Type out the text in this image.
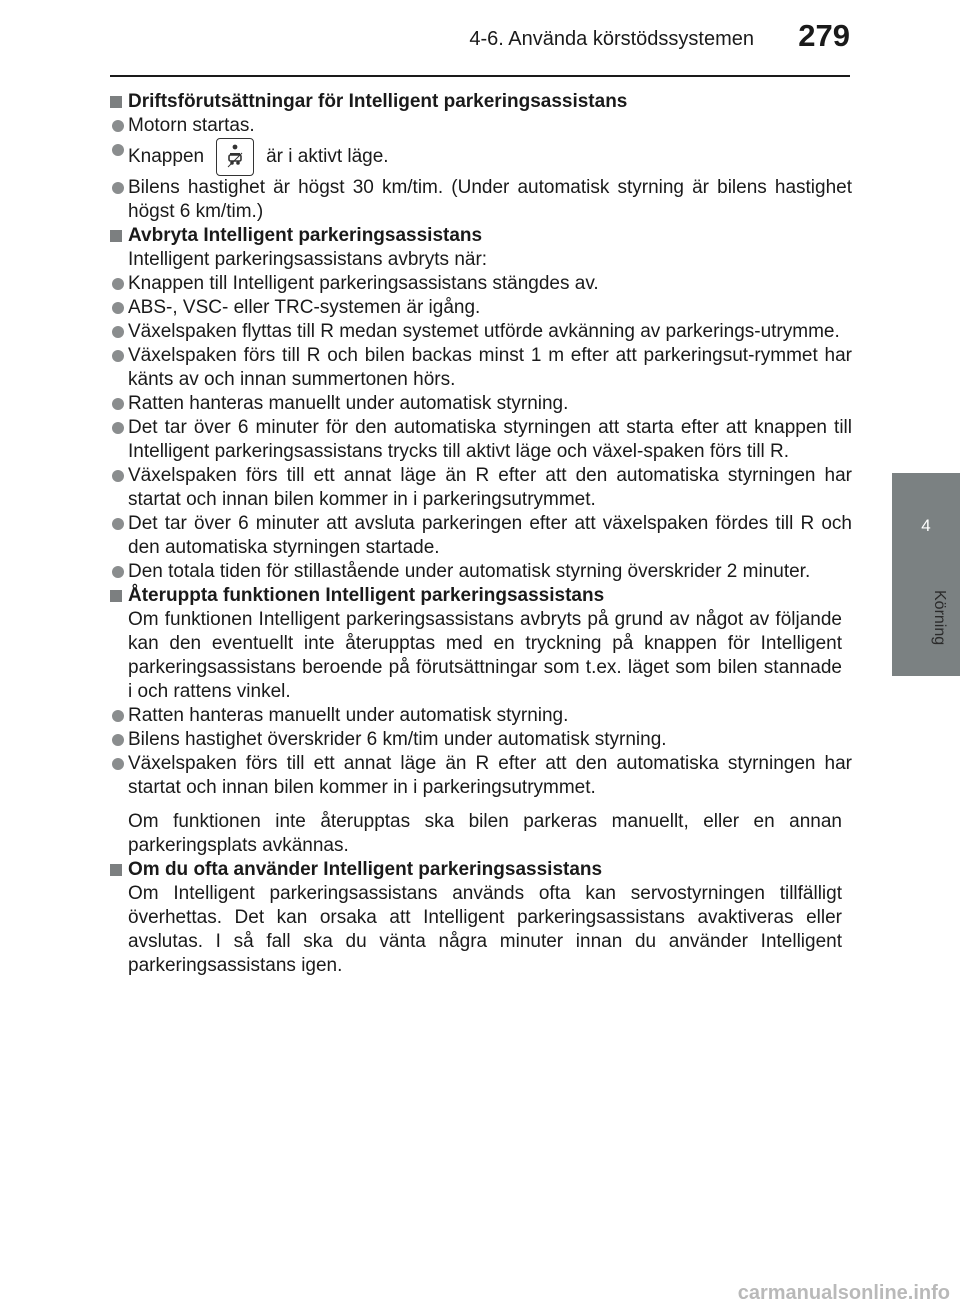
4-6. Använda körstödssystemen 279
4
Körning

Driftsförutsättningar för Intelligent parkeringsassistans

Motorn startas.

Knappen	är i aktivt läge.

Bilens hastighet är högst 30 km/tim. (Under automatisk styrning är bilens hastighet högst 6 km/tim.)

Avbryta Intelligent parkeringsassistans

Intelligent parkeringsassistans avbryts när:

Knappen till Intelligent parkeringsassistans stängdes av.

ABS-, VSC- eller TRC-systemen är igång.

Växelspaken flyttas till R medan systemet utförde avkänning av parkerings-utrymme.

Växelspaken förs till R och bilen backas minst 1 m efter att parkeringsut-rymmet har känts av och innan summertonen hörs.

Ratten hanteras manuellt under automatisk styrning.

Det tar över 6 minuter för den automatiska styrningen att starta efter att knappen till Intelligent parkeringsassistans trycks till aktivt läge och växel-spaken förs till R.

Växelspaken förs till ett annat läge än R efter att den automatiska styrningen har startat och innan bilen kommer in i parkeringsutrymmet.

Det tar över 6 minuter att avsluta parkeringen efter att växelspaken fördes till R och den automatiska styrningen startade.

Den totala tiden för stillastående under automatisk styrning överskrider 2 minuter.

Återuppta funktionen Intelligent parkeringsassistans

Om funktionen Intelligent parkeringsassistans avbryts på grund av något av följande kan den eventuellt inte återupptas med en tryckning på knappen för Intelligent parkeringsassistans beroende på förutsättningar som t.ex. läget som bilen stannade i och rattens vinkel.

Ratten hanteras manuellt under automatisk styrning.

Bilens hastighet överskrider 6 km/tim under automatisk styrning.

Växelspaken förs till ett annat läge än R efter att den automatiska styrningen har startat och innan bilen kommer in i parkeringsutrymmet.

Om funktionen inte återupptas ska bilen parkeras manuellt, eller en annan parkeringsplats avkännas.

Om du ofta använder Intelligent parkeringsassistans

Om Intelligent parkeringsassistans används ofta kan servostyrningen tillfälligt överhettas. Det kan orsaka att Intelligent parkeringsassistans avaktiveras eller avslutas. I så fall ska du vänta några minuter innan du använder Intelligent parkeringsassistans igen.

carmanualsonline.info
